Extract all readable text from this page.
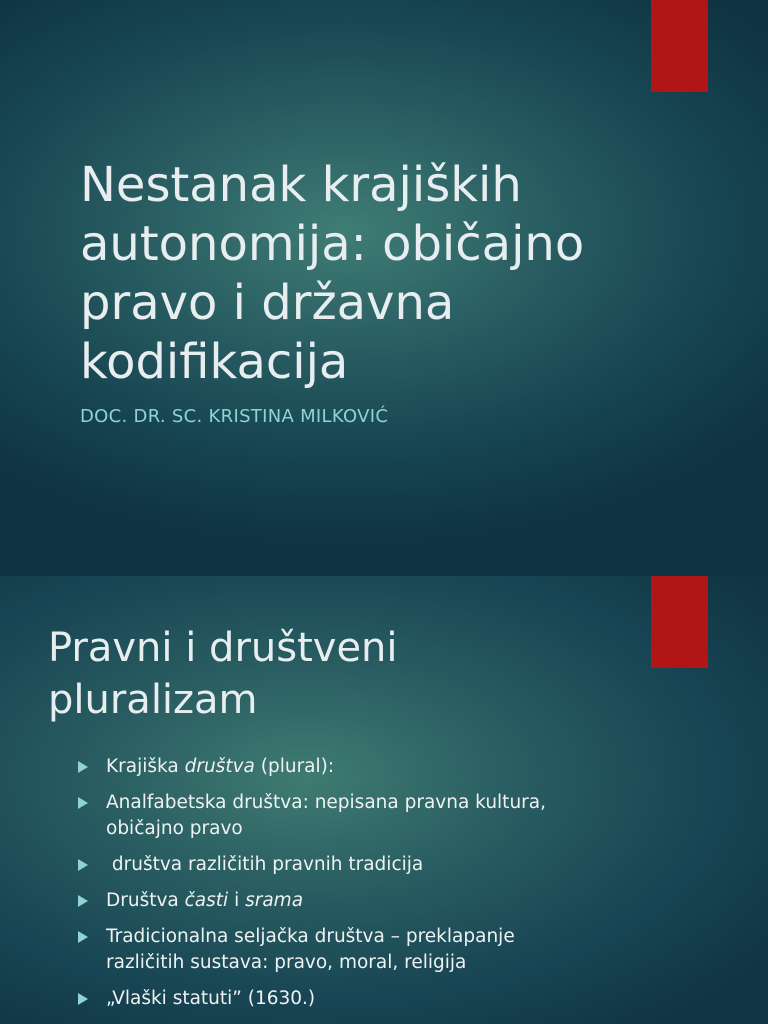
Nestanak krajiških
autonomija: običajno
pravo i državna
kodifikacija

DOC. DR. SC. KRISTINA MILKOVIĆ

Pravni i društveni
pluralizam
Krajiška društva (plural):
Analfabetska društva: nepisana pravna kultura,
običajno pravo
društva različitih pravnih tradicija
Društva časti i srama
Tradicionalna seljačka društva – preklapanje
različitih sustava: pravo, moral, religija
„Vlaški statuti” (1630.)
